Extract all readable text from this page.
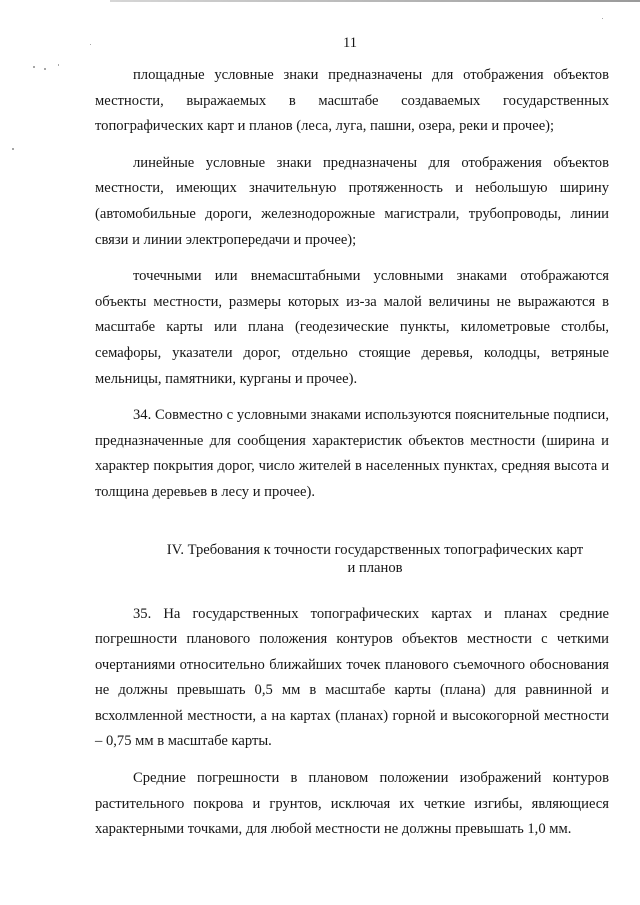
11

площадные условные знаки предназначены для отображения объектов местности, выражаемых в масштабе создаваемых государственных топографических карт и планов (леса, луга, пашни, озера, реки и прочее);

линейные условные знаки предназначены для отображения объектов местности, имеющих значительную протяженность и небольшую ширину (автомобильные дороги, железнодорожные магистрали, трубопроводы, линии связи и линии электропередачи и прочее);

точечными или внемасштабными условными знаками отображаются объекты местности, размеры которых из-за малой величины не выражаются в масштабе карты или плана (геодезические пункты, километровые столбы, семафоры, указатели дорог, отдельно стоящие деревья, колодцы, ветряные мельницы, памятники, курганы и прочее).

34. Совместно с условными знаками используются пояснительные подписи, предназначенные для сообщения характеристик объектов местности (ширина и характер покрытия дорог, число жителей в населенных пунктах, средняя высота и толщина деревьев в лесу и прочее).

IV. Требования к точности государственных топографических карт
и планов

35. На государственных топографических картах и планах средние погрешности планового положения контуров объектов местности с четкими очертаниями относительно ближайших точек планового съемочного обоснования не должны превышать 0,5 мм в масштабе карты (плана) для равнинной и всхолмленной местности, а на картах (планах) горной и высокогорной местности – 0,75 мм в масштабе карты.

Средние погрешности в плановом положении изображений контуров растительного покрова и грунтов, исключая их четкие изгибы, являющиеся характерными точками, для любой местности не должны превышать 1,0 мм.
